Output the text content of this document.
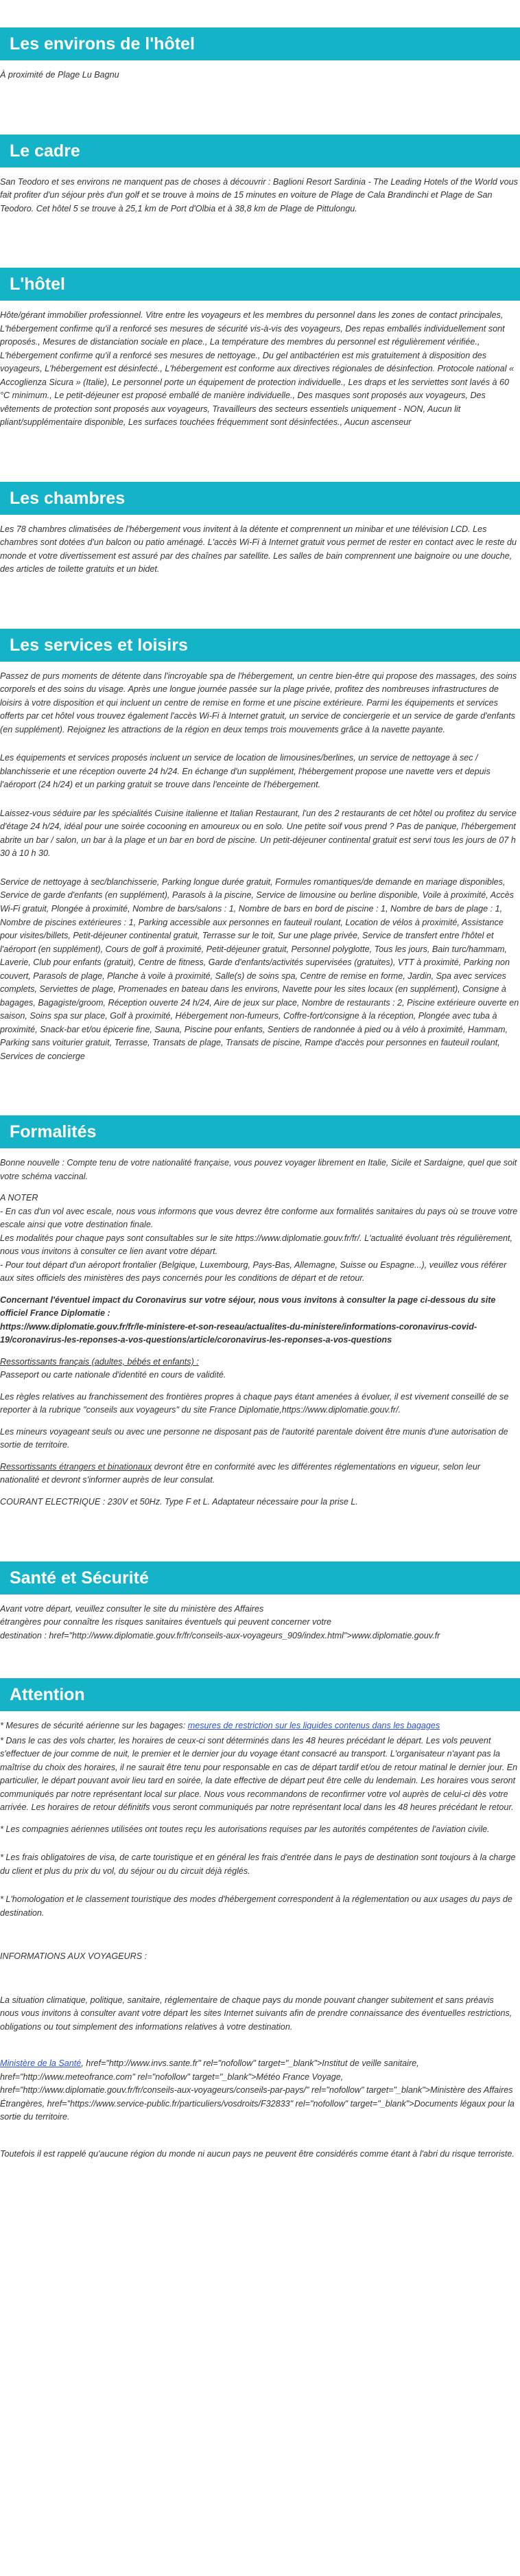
Les environs de l'hôtel

À proximité de Plage Lu Bagnu

Le cadre

San Teodoro et ses environs ne manquent pas de choses à découvrir : Baglioni Resort Sardinia - The Leading Hotels of the World vous fait profiter d'un séjour près d'un golf et se trouve à moins de 15 minutes en voiture de Plage de Cala Brandinchi et Plage de San Teodoro. Cet hôtel 5 se trouve à 25,1 km de Port d'Olbia et à 38,8 km de Plage de Pittulongu.

L'hôtel

Hôte/gérant immobilier professionnel. Vitre entre les voyageurs et les membres du personnel dans les zones de contact principales, L'hébergement confirme qu'il a renforcé ses mesures de sécurité vis-à-vis des voyageurs, Des repas emballés individuellement sont proposés., Mesures de distanciation sociale en place., La température des membres du personnel est régulièrement vérifiée., L'hébergement confirme qu'il a renforcé ses mesures de nettoyage., Du gel antibactérien est mis gratuitement à disposition des voyageurs, L'hébergement est désinfecté., L'hébergement est conforme aux directives régionales de désinfection. Protocole national « Accoglienza Sicura » (Italie), Le personnel porte un équipement de protection individuelle., Les draps et les serviettes sont lavés à 60 °C minimum., Le petit-déjeuner est proposé emballé de manière individuelle., Des masques sont proposés aux voyageurs, Des vêtements de protection sont proposés aux voyageurs, Travailleurs des secteurs essentiels uniquement - NON, Aucun lit pliant/supplémentaire disponible, Les surfaces touchées fréquemment sont désinfectées., Aucun ascenseur

Les chambres

Les 78 chambres climatisées de l'hébergement vous invitent à la détente et comprennent un minibar et une télévision LCD. Les chambres sont dotées d'un balcon ou patio aménagé. L'accès Wi-Fi à Internet gratuit vous permet de rester en contact avec le reste du monde et votre divertissement est assuré par des chaînes par satellite. Les salles de bain comprennent une baignoire ou une douche, des articles de toilette gratuits et un bidet.

Les services et loisirs

Passez de purs moments de détente dans l'incroyable spa de l'hébergement, un centre bien-être qui propose des massages, des soins corporels et des soins du visage. Après une longue journée passée sur la plage privée, profitez des nombreuses infrastructures de loisirs à votre disposition et qui incluent un centre de remise en forme et une piscine extérieure. Parmi les équipements et services offerts par cet hôtel vous trouvez également l'accès Wi-Fi à Internet gratuit, un service de conciergerie et un service de garde d'enfants (en supplément). Rejoignez les attractions de la région en deux temps trois mouvements grâce à la navette payante.

Les équipements et services proposés incluent un service de location de limousines/berlines, un service de nettoyage à sec / blanchisserie et une réception ouverte 24 h/24. En échange d'un supplément, l'hébergement propose une navette vers et depuis l'aéroport (24 h/24) et un parking gratuit se trouve dans l'enceinte de l'hébergement.

Laissez-vous séduire par les spécialités Cuisine italienne et Italian Restaurant, l'un des 2 restaurants de cet hôtel ou profitez du service d'étage 24 h/24, idéal pour une soirée cocooning en amoureux ou en solo. Une petite soif vous prend ? Pas de panique, l'hébergement abrite un bar / salon, un bar à la plage et un bar en bord de piscine. Un petit-déjeuner continental gratuit est servi tous les jours de 07 h 30 à 10 h 30.

Service de nettoyage à sec/blanchisserie, Parking longue durée gratuit, Formules romantiques/de demande en mariage disponibles, Service de garde d'enfants (en supplément), Parasols à la piscine, Service de limousine ou berline disponible, Voile à proximité, Accès Wi-Fi gratuit, Plongée à proximité, Nombre de bars/salons : 1, Nombre de bars en bord de piscine : 1, Nombre de bars de plage : 1, Nombre de piscines extérieures : 1, Parking accessible aux personnes en fauteuil roulant, Location de vélos à proximité, Assistance pour visites/billets, Petit-déjeuner continental gratuit, Terrasse sur le toit, Sur une plage privée, Service de transfert entre l'hôtel et l'aéroport (en supplément), Cours de golf à proximité, Petit-déjeuner gratuit, Personnel polyglotte, Tous les jours, Bain turc/hammam, Laverie, Club pour enfants (gratuit), Centre de fitness, Garde d'enfants/activités supervisées (gratuites), VTT à proximité, Parking non couvert, Parasols de plage, Planche à voile à proximité, Salle(s) de soins spa, Centre de remise en forme, Jardin, Spa avec services complets, Serviettes de plage, Promenades en bateau dans les environs, Navette pour les sites locaux (en supplément), Consigne à bagages, Bagagiste/groom, Réception ouverte 24 h/24, Aire de jeux sur place, Nombre de restaurants : 2, Piscine extérieure ouverte en saison, Soins spa sur place, Golf à proximité, Hébergement non-fumeurs, Coffre-fort/consigne à la réception, Plongée avec tuba à proximité, Snack-bar et/ou épicerie fine, Sauna, Piscine pour enfants, Sentiers de randonnée à pied ou à vélo à proximité, Hammam, Parking sans voiturier gratuit, Terrasse, Transats de plage, Transats de piscine, Rampe d'accès pour personnes en fauteuil roulant, Services de concierge

Formalités

Bonne nouvelle : Compte tenu de votre nationalité française, vous pouvez voyager librement en Italie, Sicile et Sardaigne, quel que soit votre schéma vaccinal.

A NOTER
- En cas d'un vol avec escale, nous vous informons que vous devrez être conforme aux formalités sanitaires du pays où se trouve votre escale ainsi que votre destination finale.
Les modalités pour chaque pays sont consultables sur le site https://www.diplomatie.gouv.fr/fr/. L'actualité évoluant très régulièrement, nous vous invitons à consulter ce lien avant votre départ.
- Pour tout départ d'un aéroport frontalier (Belgique, Luxembourg, Pays-Bas, Allemagne, Suisse ou Espagne...), veuillez vous référer aux sites officiels des ministères des pays concernés pour les conditions de départ et de retour.

Concernant l'éventuel impact du Coronavirus sur votre séjour, nous vous invitons à consulter la page ci-dessous du site officiel France Diplomatie :
https://www.diplomatie.gouv.fr/fr/le-ministere-et-son-reseau/actualites-du-ministere/informations-coronavirus-covid-19/coronavirus-les-reponses-a-vos-questions/article/coronavirus-les-reponses-a-vos-questions

Ressortissants français (adultes, bébés et enfants) :
Passeport ou carte nationale d'identité en cours de validité.

Les règles relatives au franchissement des frontières propres à chaque pays étant amenées à évoluer, il est vivement conseillé de se reporter à la rubrique "conseils aux voyageurs" du site France Diplomatie,https://www.diplomatie.gouv.fr/.

Les mineurs voyageant seuls ou avec une personne ne disposant pas de l'autorité parentale doivent être munis d'une autorisation de sortie de territoire.

Ressortissants étrangers et binationaux devront être en conformité avec les différentes réglementations en vigueur, selon leur nationalité et devront s'informer auprès de leur consulat.

COURANT ELECTRIQUE : 230V et 50Hz. Type F et L. Adaptateur nécessaire pour la prise L.

Santé et Sécurité

Avant votre départ, veuillez consulter le site du ministère des Affaires
étrangères pour connaître les risques sanitaires éventuels qui peuvent concerner votre
destination : href="http://www.diplomatie.gouv.fr/fr/conseils-aux-voyageurs_909/index.html">www.diplomatie.gouv.fr

Attention

* Mesures de sécurité aérienne sur les bagages: mesures de restriction sur les liquides contenus dans les bagages

* Dans le cas des vols charter, les horaires de ceux-ci sont déterminés dans les 48 heures précédant le départ. Les vols peuvent s'effectuer de jour comme de nuit, le premier et le dernier jour du voyage étant consacré au transport. L'organisateur n'ayant pas la maîtrise du choix des horaires, il ne saurait être tenu pour responsable en cas de départ tardif et/ou de retour matinal le dernier jour. En particulier, le départ pouvant avoir lieu tard en soirée, la date effective de départ peut être celle du lendemain. Les horaires vous seront communiqués par notre représentant local sur place. Nous vous recommandons de reconfirmer votre vol auprès de celui-ci dès votre arrivée. Les horaires de retour définitifs vous seront communiqués par notre représentant local dans les 48 heures précédant le retour.

* Les compagnies aériennes utilisées ont toutes reçu les autorisations requises par les autorités compétentes de l'aviation civile.

* Les frais obligatoires de visa, de carte touristique et en général les frais d'entrée dans le pays de destination sont toujours à la charge du client et plus du prix du vol, du séjour ou du circuit déjà réglés.

* L'homologation et le classement touristique des modes d'hébergement correspondent à la réglementation ou aux usages du pays de destination.

INFORMATIONS AUX VOYAGEURS :

La situation climatique, politique, sanitaire, réglementaire de chaque pays du monde pouvant changer subitement et sans préavis
nous vous invitons à consulter avant votre départ les sites Internet suivants afin de prendre connaissance des éventuelles restrictions, obligations ou tout simplement des informations relatives à votre destination.

Ministère de la Santé, href="http://www.invs.sante.fr" rel="nofollow" target="_blank">Institut de veille sanitaire, href="http://www.meteofrance.com" rel="nofollow" target="_blank">Météo France Voyage, href="http://www.diplomatie.gouv.fr/fr/conseils-aux-voyageurs/conseils-par-pays/" rel="nofollow" target="_blank">Ministère des Affaires Étrangères, href="https://www.service-public.fr/particuliers/vosdroits/F32833" rel="nofollow" target="_blank">Documents légaux pour la sortie du territoire.

Toutefois il est rappelé qu'aucune région du monde ni aucun pays ne peuvent être considérés comme étant à l'abri du risque terroriste.
